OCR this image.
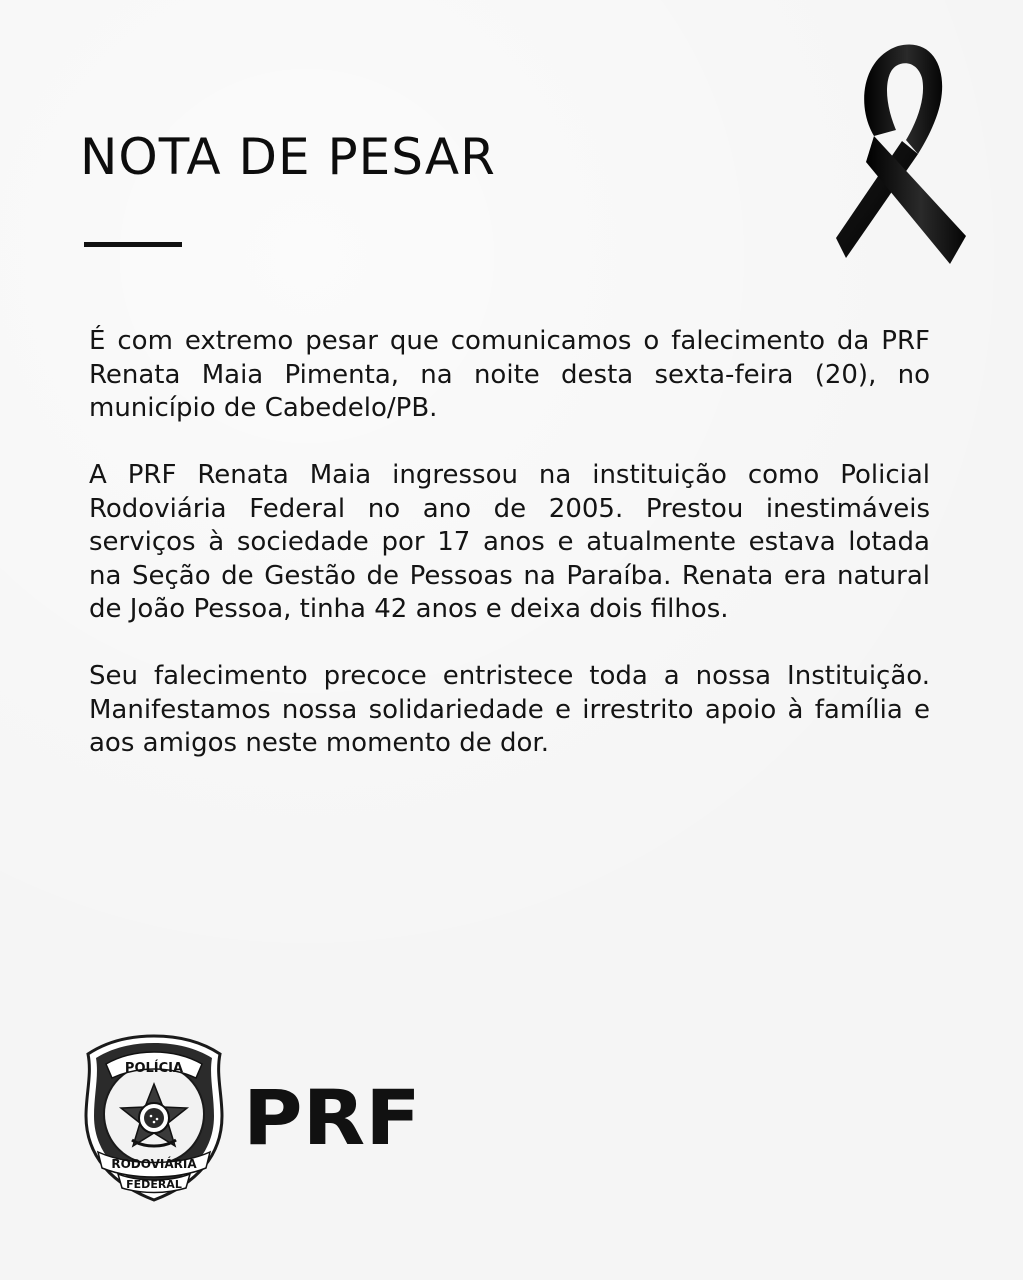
NOTA DE PESAR

É com extremo pesar que comunicamos o falecimento da PRF Renata Maia Pimenta, na noite desta sexta-feira (20), no município de Cabedelo/PB.

A PRF Renata Maia ingressou na instituição como Policial Rodoviária Federal no ano de 2005. Prestou inestimáveis serviços à sociedade por 17 anos e atualmente estava lotada na Seção de Gestão de Pessoas na Paraíba. Renata era natural de João Pessoa, tinha 42 anos e deixa dois filhos.

Seu falecimento precoce entristece toda a nossa Instituição. Manifestamos nossa solidariedade e irrestrito apoio à família e aos amigos neste momento de dor.

POLÍCIA
RODOVIÁRIA
FEDERAL
PRF
